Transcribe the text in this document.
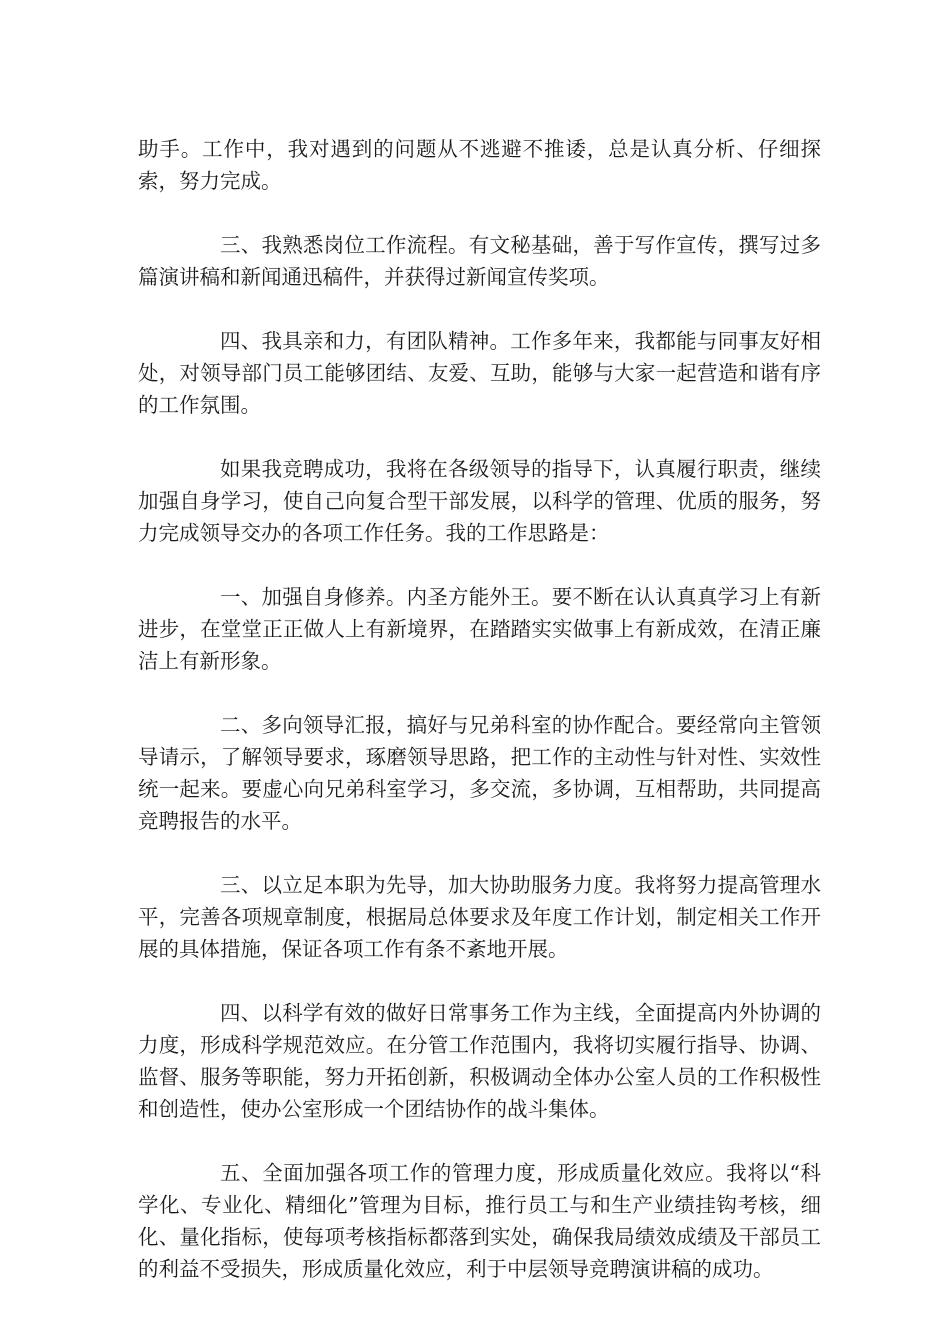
助手。工作中，我对遇到的问题从不逃避不推诿，总是认真分析、仔细探索，努力完成。

三、我熟悉岗位工作流程。有文秘基础，善于写作宣传，撰写过多篇演讲稿和新闻通迅稿件，并获得过新闻宣传奖项。

四、我具亲和力，有团队精神。工作多年来，我都能与同事友好相处，对领导部门员工能够团结、友爱、互助，能够与大家一起营造和谐有序的工作氛围。

如果我竞聘成功，我将在各级领导的指导下，认真履行职责，继续加强自身学习，使自己向复合型干部发展，以科学的管理、优质的服务，努力完成领导交办的各项工作任务。我的工作思路是：

一、加强自身修养。内圣方能外王。要不断在认认真真学习上有新进步，在堂堂正正做人上有新境界，在踏踏实实做事上有新成效，在清正廉洁上有新形象。

二、多向领导汇报，搞好与兄弟科室的协作配合。要经常向主管领导请示，了解领导要求，琢磨领导思路，把工作的主动性与针对性、实效性统一起来。要虚心向兄弟科室学习，多交流，多协调，互相帮助，共同提高竞聘报告的水平。

三、以立足本职为先导，加大协助服务力度。我将努力提高管理水平，完善各项规章制度，根据局总体要求及年度工作计划，制定相关工作开展的具体措施，保证各项工作有条不紊地开展。

四、以科学有效的做好日常事务工作为主线，全面提高内外协调的力度，形成科学规范效应。在分管工作范围内，我将切实履行指导、协调、监督、服务等职能，努力开拓创新，积极调动全体办公室人员的工作积极性和创造性，使办公室形成一个团结协作的战斗集体。

五、全面加强各项工作的管理力度，形成质量化效应。我将以“科学化、专业化、精细化”管理为目标，推行员工与和生产业绩挂钩考核，细化、量化指标，使每项考核指标都落到实处，确保我局绩效成绩及干部员工的利益不受损失，形成质量化效应，利于中层领导竞聘演讲稿的成功。
